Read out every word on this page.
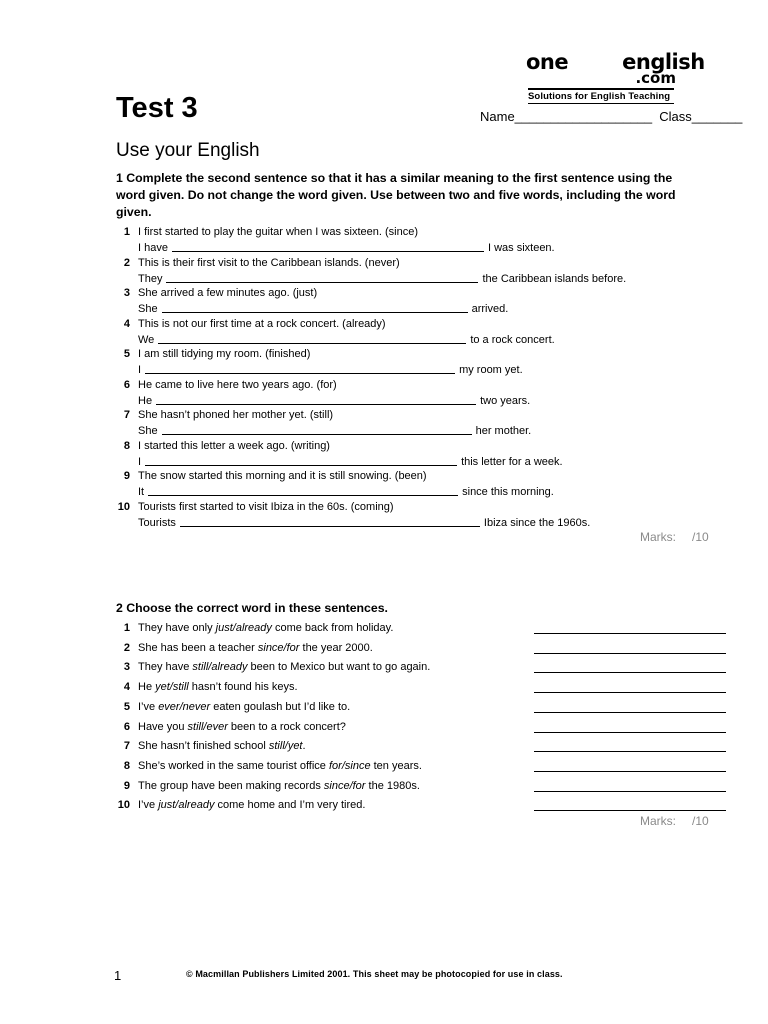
onestopenglish
.com
Solutions for English Teaching
Test 3	Name___________________ Class_______
Use your English
1 Complete the second sentence so that it has a similar meaning to the first sentence using the word given. Do not change the word given. Use between two and five words, including the word given.
1 I first started to play the guitar when I was sixteen. (since)
I have	I was sixteen.
2 This is their first visit to the Caribbean islands. (never)
They	the Caribbean islands before.
3 She arrived a few minutes ago. (just)
She	arrived.
4 This is not our first time at a rock concert. (already)
We	to a rock concert.
5 I am still tidying my room. (finished)
I	my room yet.
6 He came to live here two years ago. (for)
He	two years.
7 She hasn’t phoned her mother yet. (still)
She	her mother.
8 I started this letter a week ago. (writing)
I	this letter for a week.
9 The snow started this morning and it is still snowing. (been)
It	since this morning.
10 Tourists first started to visit Ibiza in the 60s. (coming)
Tourists	Ibiza since the 1960s.
Marks: /10
2 Choose the correct word in these sentences.
1 They have only just/already come back from holiday.
2 She has been a teacher since/for the year 2000.
3 They have still/already been to Mexico but want to go again.
4 He yet/still hasn’t found his keys.
5 I’ve ever/never eaten goulash but I’d like to.
6 Have you still/ever been to a rock concert?
7 She hasn’t finished school still/yet.
8 She’s worked in the same tourist office for/since ten years.
9 The group have been making records since/for the 1980s.
10 I’ve just/already come home and I’m very tired.
Marks: /10
1	© Macmillan Publishers Limited 2001. This sheet may be photocopied for use in class.
